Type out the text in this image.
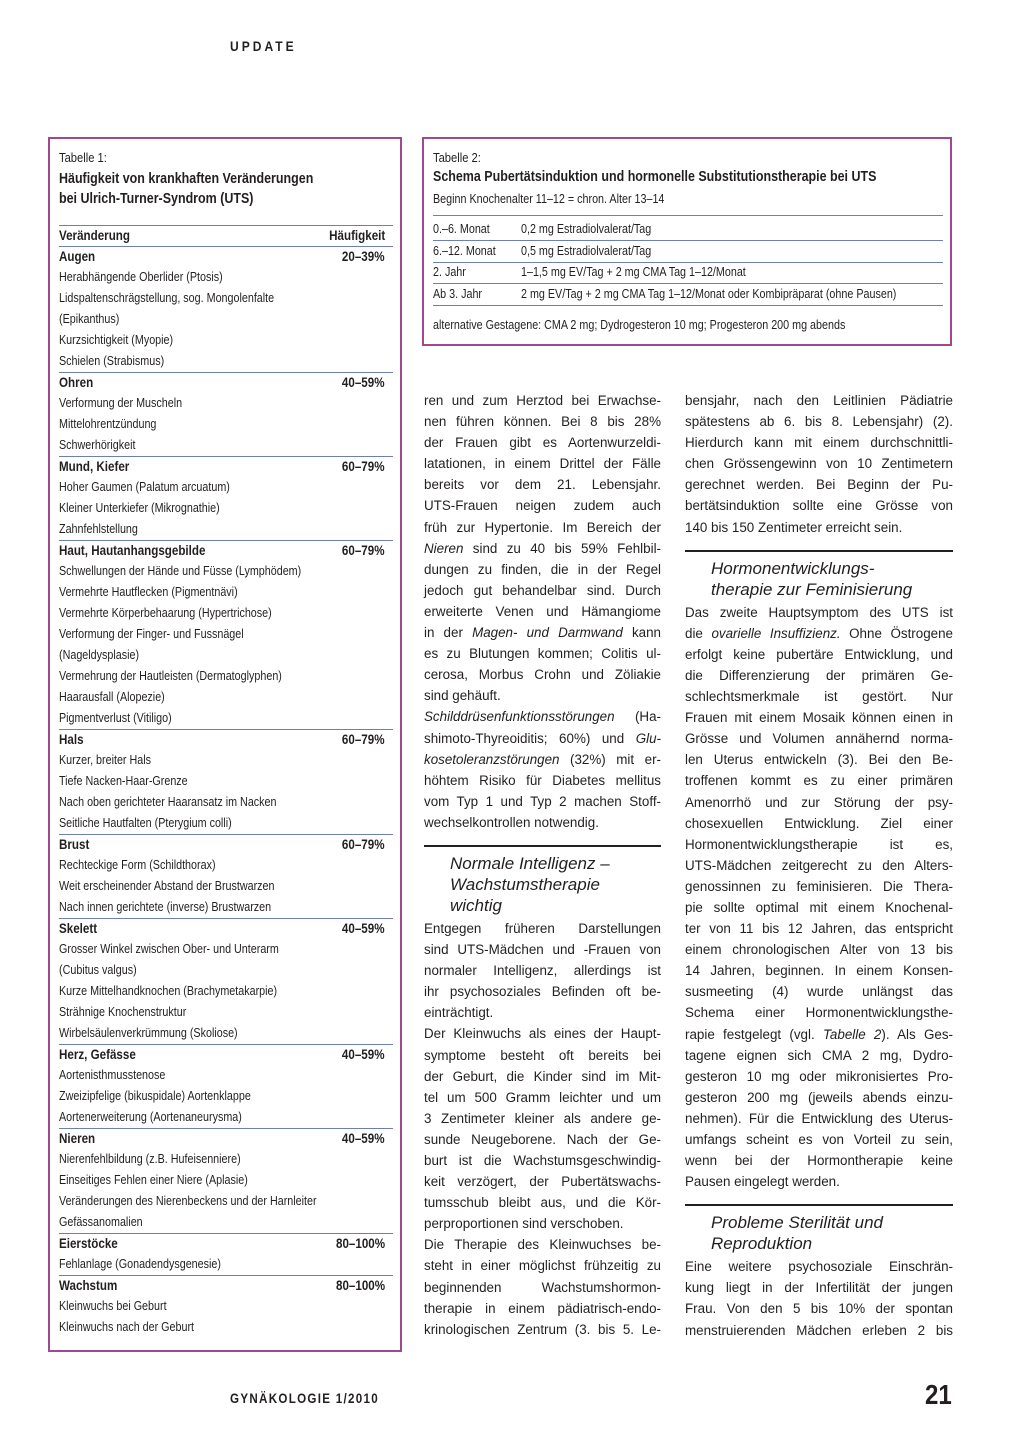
UPDATE
Tabelle 1:
Häufigkeit von krankhaften Veränderungen
bei Ulrich-Turner-Syndrom (UTS)
Veränderung	Häufigkeit
Augen	20–39%
Herabhängende Oberlider (Ptosis)
Lidspaltenschrägstellung, sog. Mongolenfalte
(Epikanthus)
Kurzsichtigkeit (Myopie)
Schielen (Strabismus)
Ohren	40–59%
Verformung der Muscheln
Mittelohrentzündung
Schwerhörigkeit
Mund, Kiefer	60–79%
Hoher Gaumen (Palatum arcuatum)
Kleiner Unterkiefer (Mikrognathie)
Zahnfehlstellung
Haut, Hautanhangsgebilde	60–79%
Schwellungen der Hände und Füsse (Lymphödem)
Vermehrte Hautflecken (Pigmentnävi)
Vermehrte Körperbehaarung (Hypertrichose)
Verformung der Finger- und Fussnägel
(Nageldysplasie)
Vermehrung der Hautleisten (Dermatoglyphen)
Haarausfall (Alopezie)
Pigmentverlust (Vitiligo)
Hals	60–79%
Kurzer, breiter Hals
Tiefe Nacken-Haar-Grenze
Nach oben gerichteter Haaransatz im Nacken
Seitliche Hautfalten (Pterygium colli)
Brust	60–79%
Rechteckige Form (Schildthorax)
Weit erscheinender Abstand der Brustwarzen
Nach innen gerichtete (inverse) Brustwarzen
Skelett	40–59%
Grosser Winkel zwischen Ober- und Unterarm
(Cubitus valgus)
Kurze Mittelhandknochen (Brachymetakarpie)
Strähnige Knochenstruktur
Wirbelsäulenverkrümmung (Skoliose)
Herz, Gefässe	40–59%
Aortenisthmusstenose
Zweizipfelige (bikuspidale) Aortenklappe
Aortenerweiterung (Aortenaneurysma)
Nieren	40–59%
Nierenfehlbildung (z.B. Hufeisenniere)
Einseitiges Fehlen einer Niere (Aplasie)
Veränderungen des Nierenbeckens und der Harnleiter
Gefässanomalien
Eierstöcke	80–100%
Fehlanlage (Gonadendysgenesie)
Wachstum	80–100%
Kleinwuchs bei Geburt
Kleinwuchs nach der Geburt
Tabelle 2:
Schema Pubertätsinduktion und hormonelle Substitutionstherapie bei UTS
Beginn Knochenalter 11–12 = chron. Alter 13–14
0.–6. Monat 0,2 mg Estradiolvalerat/Tag
6.–12. Monat 0,5 mg Estradiolvalerat/Tag
2. Jahr	1–1,5 mg EV/Tag + 2 mg CMA Tag 1–12/Monat
Ab 3. Jahr	2 mg EV/Tag + 2 mg CMA Tag 1–12/Monat oder Kombipräparat (ohne Pausen)
alternative Gestagene: CMA 2 mg; Dydrogesteron 10 mg; Progesteron 200 mg abends
ren und zum Herztod bei Erwachse-
nen führen können. Bei 8 bis 28%
der Frauen gibt es Aortenwurzeldi-
latationen, in einem Drittel der Fälle
bereits vor dem 21. Lebensjahr.
UTS-Frauen neigen zudem auch
früh zur Hypertonie. Im Bereich der
Nieren sind zu 40 bis 59% Fehlbil-
dungen zu finden, die in der Regel
jedoch gut behandelbar sind. Durch
erweiterte Venen und Hämangiome
in der Magen- und Darmwand kann
es zu Blutungen kommen; Colitis ul-
cerosa, Morbus Crohn und Zöliakie
sind gehäuft.
Schilddrüsenfunktionsstörungen (Ha-
shimoto-Thyreoiditis; 60%) und Glu-
kosetoleranzstörungen (32%) mit er-
höhtem Risiko für Diabetes mellitus
vom Typ 1 und Typ 2 machen Stoff-
wechselkontrollen notwendig.
Normale Intelligenz –
Wachstumstherapie
wichtig
Entgegen früheren Darstellungen
sind UTS-Mädchen und -Frauen von
normaler Intelligenz, allerdings ist
ihr psychosoziales Befinden oft be-
einträchtigt.
Der Kleinwuchs als eines der Haupt-
symptome besteht oft bereits bei
der Geburt, die Kinder sind im Mit-
tel um 500 Gramm leichter und um
3 Zentimeter kleiner als andere ge-
sunde Neugeborene. Nach der Ge-
burt ist die Wachstumsgeschwindig-
keit verzögert, der Pubertätswachs-
tumsschub bleibt aus, und die Kör-
perproportionen sind verschoben.
Die Therapie des Kleinwuchses be-
steht in einer möglichst frühzeitig zu
beginnenden Wachstumshormon-
therapie in einem pädiatrisch-endo-
krinologischen Zentrum (3. bis 5. Le-
bensjahr, nach den Leitlinien Pädiatrie
spätestens ab 6. bis 8. Lebensjahr) (2).
Hierdurch kann mit einem durchschnittli-
chen Grössengewinn von 10 Zentimetern
gerechnet werden. Bei Beginn der Pu-
bertätsinduktion sollte eine Grösse von
140 bis 150 Zentimeter erreicht sein.
Hormonentwicklungs-
therapie zur Feminisierung
Das zweite Hauptsymptom des UTS ist
die ovarielle Insuffizienz. Ohne Östrogene
erfolgt keine pubertäre Entwicklung, und
die Differenzierung der primären Ge-
schlechtsmerkmale ist gestört. Nur
Frauen mit einem Mosaik können einen in
Grösse und Volumen annähernd norma-
len Uterus entwickeln (3). Bei den Be-
troffenen kommt es zu einer primären
Amenorrhö und zur Störung der psy-
chosexuellen Entwicklung. Ziel einer
Hormonentwicklungstherapie ist es,
UTS-Mädchen zeitgerecht zu den Alters-
genossinnen zu feminisieren. Die Thera-
pie sollte optimal mit einem Knochenal-
ter von 11 bis 12 Jahren, das entspricht
einem chronologischen Alter von 13 bis
14 Jahren, beginnen. In einem Konsen-
susmeeting (4) wurde unlängst das
Schema einer Hormonentwicklungsthe-
rapie festgelegt (vgl. Tabelle 2). Als Ges-
tagene eignen sich CMA 2 mg, Dydro-
gesteron 10 mg oder mikronisiertes Pro-
gesteron 200 mg (jeweils abends einzu-
nehmen). Für die Entwicklung des Uterus-
umfangs scheint es von Vorteil zu sein,
wenn bei der Hormontherapie keine
Pausen eingelegt werden.
Probleme Sterilität und
Reproduktion
Eine weitere psychosoziale Einschrän-
kung liegt in der Infertilität der jungen
Frau. Von den 5 bis 10% der spontan
menstruierenden Mädchen erleben 2 bis
GYNÄKOLOGIE 1/2010	21
